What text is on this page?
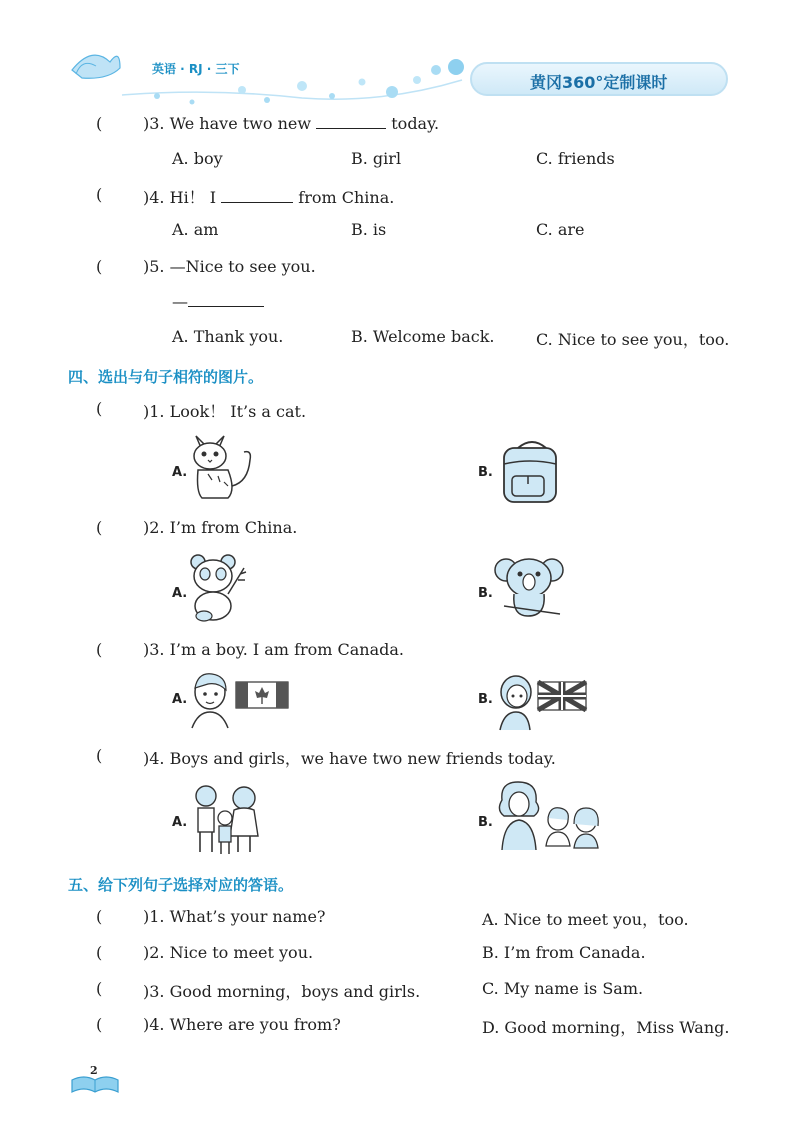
英语 · RJ · 三下
黄冈360°定制课时
(	)3. We have two new	today.
A. boy	B. girl	C. friends
(	)4. Hi！ I	from China.
A. am	B. is	C. are
(	)5. —Nice to see you.
—
A. Thank you.	B. Welcome back.	C. Nice to see you，too.
四、选出与句子相符的图片。
(	)1. Look！ It’s a cat.
A.	B.
(	)2. I’m from China.
A.	B.
(	)3. I’m a boy. I am from Canada.
A.	B.
(	)4. Boys and girls，we have two new friends today.
A.	B.
五、给下列句子选择对应的答语。
(	)1. What’s your name?	A. Nice to meet you，too.
(	)2. Nice to meet you.	B. I’m from Canada.
(	)3. Good morning，boys and girls.	C. My name is Sam.
(	)4. Where are you from?	D. Good morning，Miss Wang.
2
